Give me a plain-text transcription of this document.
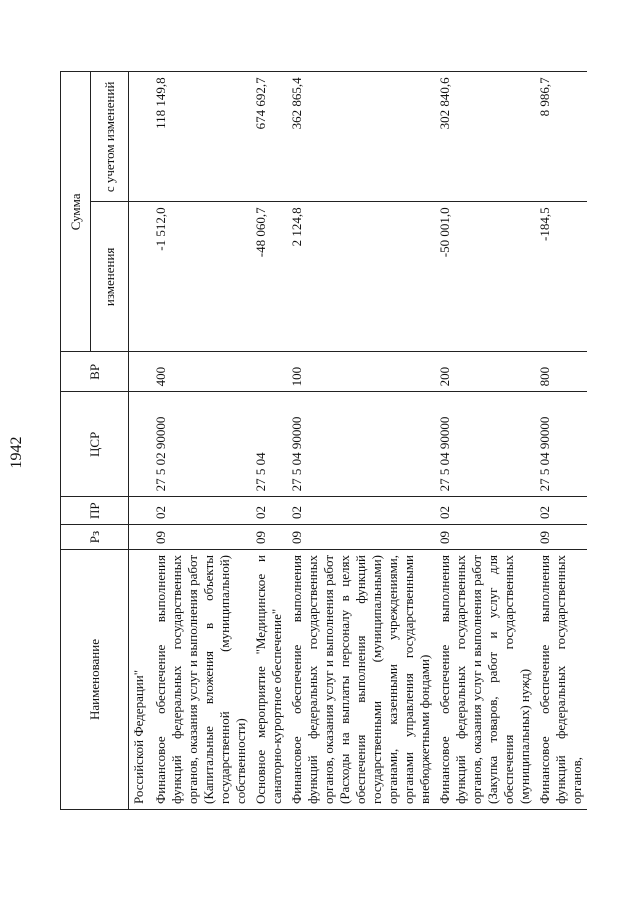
1942
Наименование	Рз	ПР	ЦСР	ВР	Сумма	
					изменения	с учетом изменений
Российской Федерации"						
Финансовое обеспечение выполнения функций федеральных государственных органов, оказания услуг и выполнения работ (Капитальные вложения в объекты государственной (муниципальной) собственности)	09	02	27 5 02 90000	400	-1 512,0	118 149,8
Основное мероприятие "Медицинское и санаторно-курортное обеспечение"	09	02	27 5 04		-48 060,7	674 692,7
Финансовое обеспечение выполнения функций федеральных государственных органов, оказания услуг и выполнения работ (Расходы на выплаты персоналу в целях обеспечения выполнения функций государственными (муниципальными) органами, казенными учреждениями, органами управления государственными внебюджетными фондами)	09	02	27 5 04 90000	100	2 124,8	362 865,4
Финансовое обеспечение выполнения функций федеральных государственных органов, оказания услуг и выполнения работ (Закупка товаров, работ и услуг для обеспечения государственных (муниципальных) нужд)	09	02	27 5 04 90000	200	-50 001,0	302 840,6
Финансовое обеспечение выполнения функций федеральных государственных органов,	09	02	27 5 04 90000	800	-184,5	8 986,7
